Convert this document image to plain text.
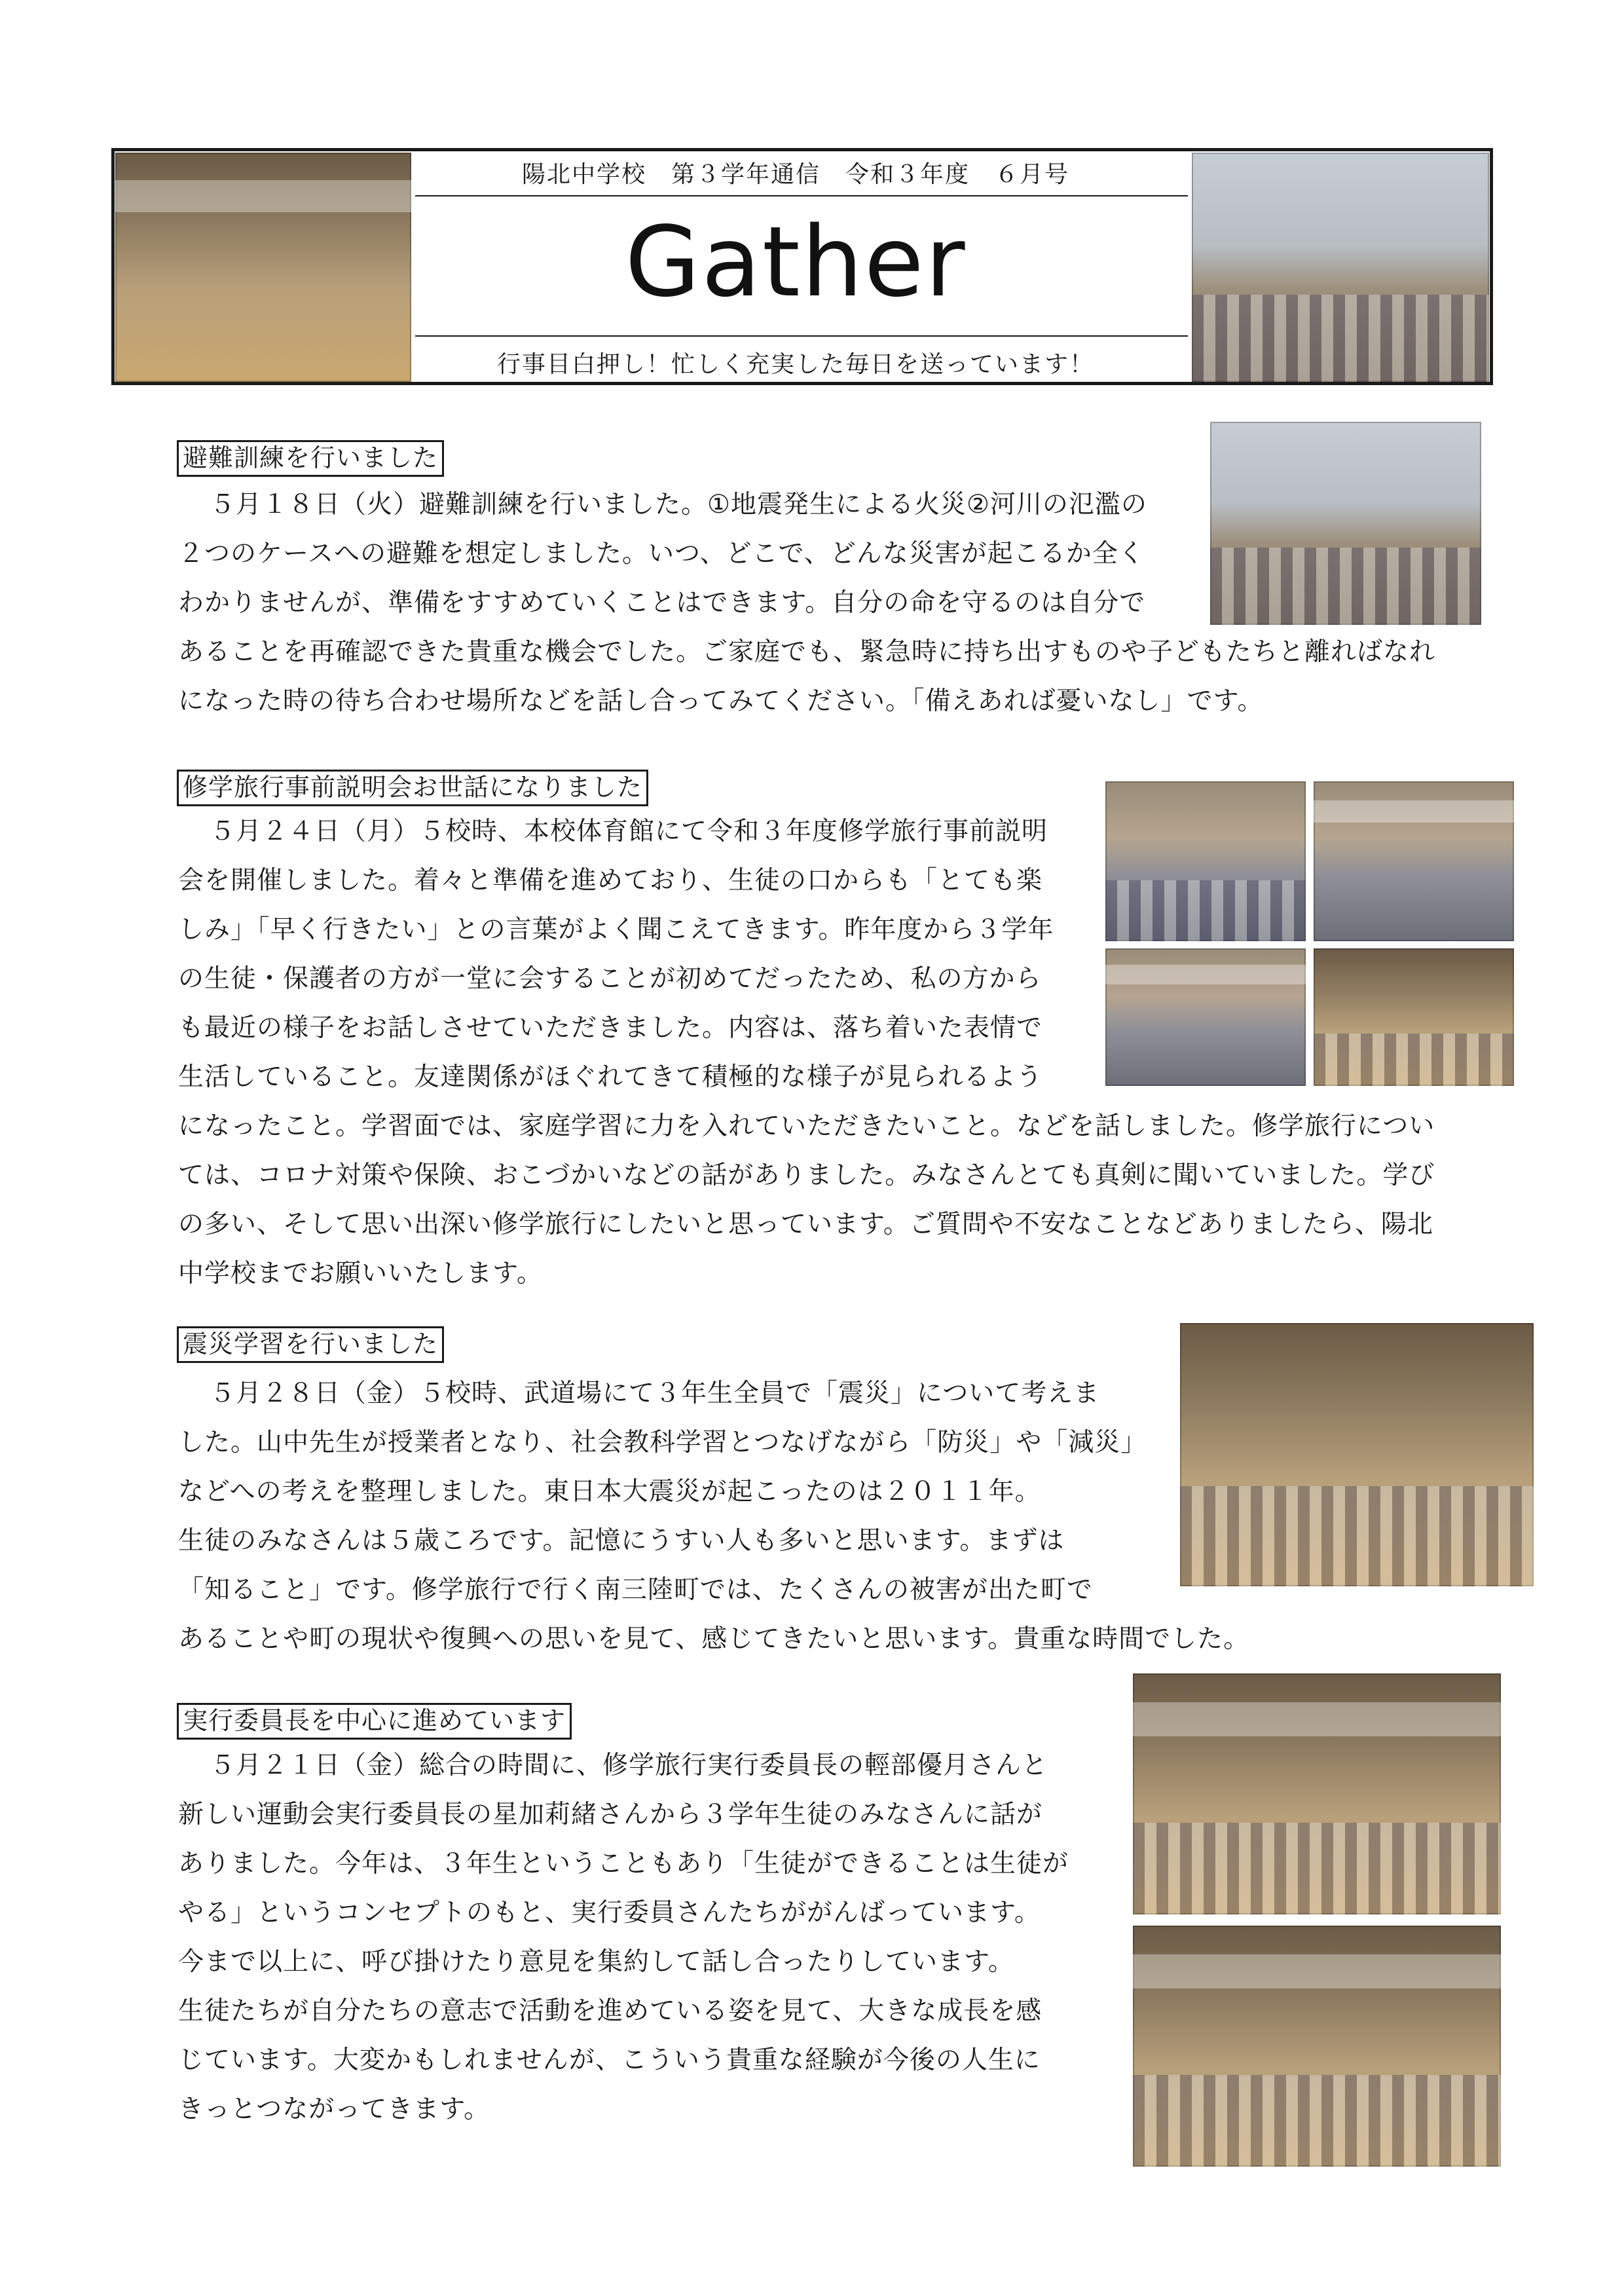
陽北中学校　第３学年通信　令和３年度　６月号
Gather
行事目白押し！忙しく充実した毎日を送っています！
避難訓練を行いました
５月１８日（火）避難訓練を行いました。①地震発生による火災②河川の氾濫の
２つのケースへの避難を想定しました。いつ、どこで、どんな災害が起こるか全く
わかりませんが、準備をすすめていくことはできます。自分の命を守るのは自分で
あることを再確認できた貴重な機会でした。ご家庭でも、緊急時に持ち出すものや子どもたちと離ればなれ
になった時の待ち合わせ場所などを話し合ってみてください。「備えあれば憂いなし」です。
修学旅行事前説明会お世話になりました
５月２４日（月）５校時、本校体育館にて令和３年度修学旅行事前説明
会を開催しました。着々と準備を進めており、生徒の口からも「とても楽
しみ」「早く行きたい」との言葉がよく聞こえてきます。昨年度から３学年
の生徒・保護者の方が一堂に会することが初めてだったため、私の方から
も最近の様子をお話しさせていただきました。内容は、落ち着いた表情で
生活していること。友達関係がほぐれてきて積極的な様子が見られるよう
になったこと。学習面では、家庭学習に力を入れていただきたいこと。などを話しました。修学旅行につい
ては、コロナ対策や保険、おこづかいなどの話がありました。みなさんとても真剣に聞いていました。学び
の多い、そして思い出深い修学旅行にしたいと思っています。ご質問や不安なことなどありましたら、陽北
中学校までお願いいたします。
震災学習を行いました
５月２８日（金）５校時、武道場にて３年生全員で「震災」について考えま
した。山中先生が授業者となり、社会教科学習とつなげながら「防災」や「減災」
などへの考えを整理しました。東日本大震災が起こったのは２０１１年。
生徒のみなさんは５歳ころです。記憶にうすい人も多いと思います。まずは
「知ること」です。修学旅行で行く南三陸町では、たくさんの被害が出た町で
あることや町の現状や復興への思いを見て、感じてきたいと思います。貴重な時間でした。
実行委員長を中心に進めています
５月２１日（金）総合の時間に、修学旅行実行委員長の輕部優月さんと
新しい運動会実行委員長の星加莉緒さんから３学年生徒のみなさんに話が
ありました。今年は、３年生ということもあり「生徒ができることは生徒が
やる」というコンセプトのもと、実行委員さんたちががんばっています。
今まで以上に、呼び掛けたり意見を集約して話し合ったりしています。
生徒たちが自分たちの意志で活動を進めている姿を見て、大きな成長を感
じています。大変かもしれませんが、こういう貴重な経験が今後の人生に
きっとつながってきます。
